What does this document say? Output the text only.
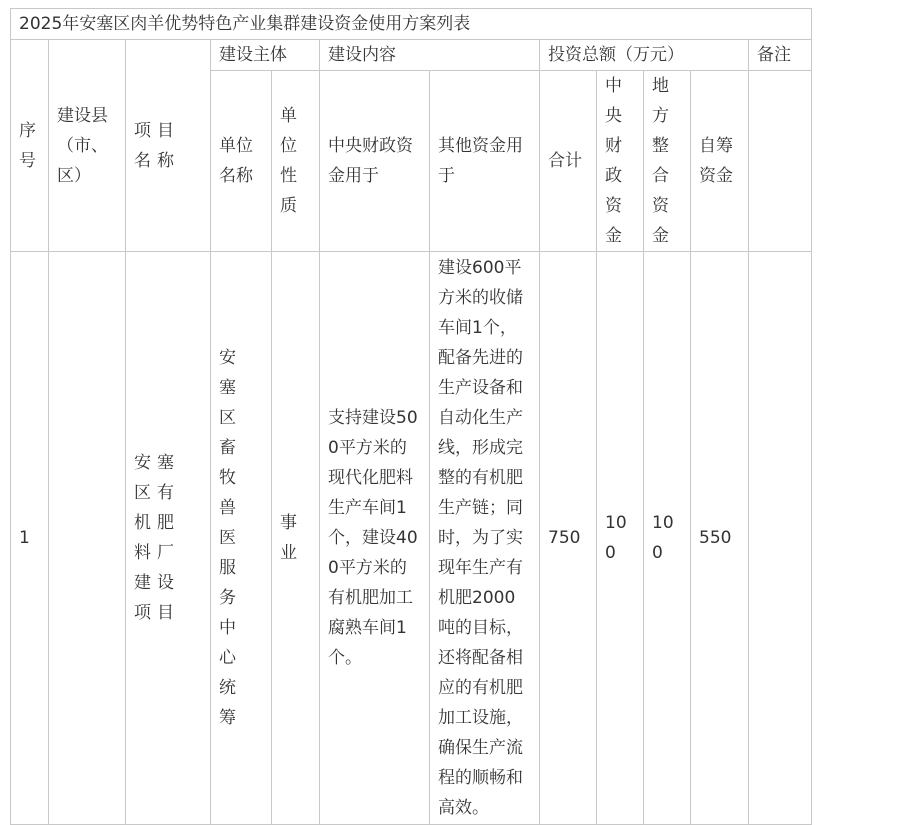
2025年安塞区肉羊优势特色产业集群建设资金使用方案列表											
序号	建设县（市、区）	项目名称	建设主体		建设内容		投资总额（万元）				备注
			单位名称	单位性质	中央财政资金用于	其他资金用于	合计	中央财政资金	地方整合资金	自筹资金	
1		安塞区有机肥料厂建设项目	安塞区畜牧兽医服务中心统筹	事业	支持建设500平方米的现代化肥料生产车间1个，建设400平方米的有机肥加工腐熟车间1个。	建设600平方米的收储车间1个，配备先进的生产设备和自动化生产线，形成完整的有机肥生产链；同时，为了实现年生产有机肥2000吨的目标，还将配备相应的有机肥加工设施，确保生产流程的顺畅和高效。	750	100	100	550	
